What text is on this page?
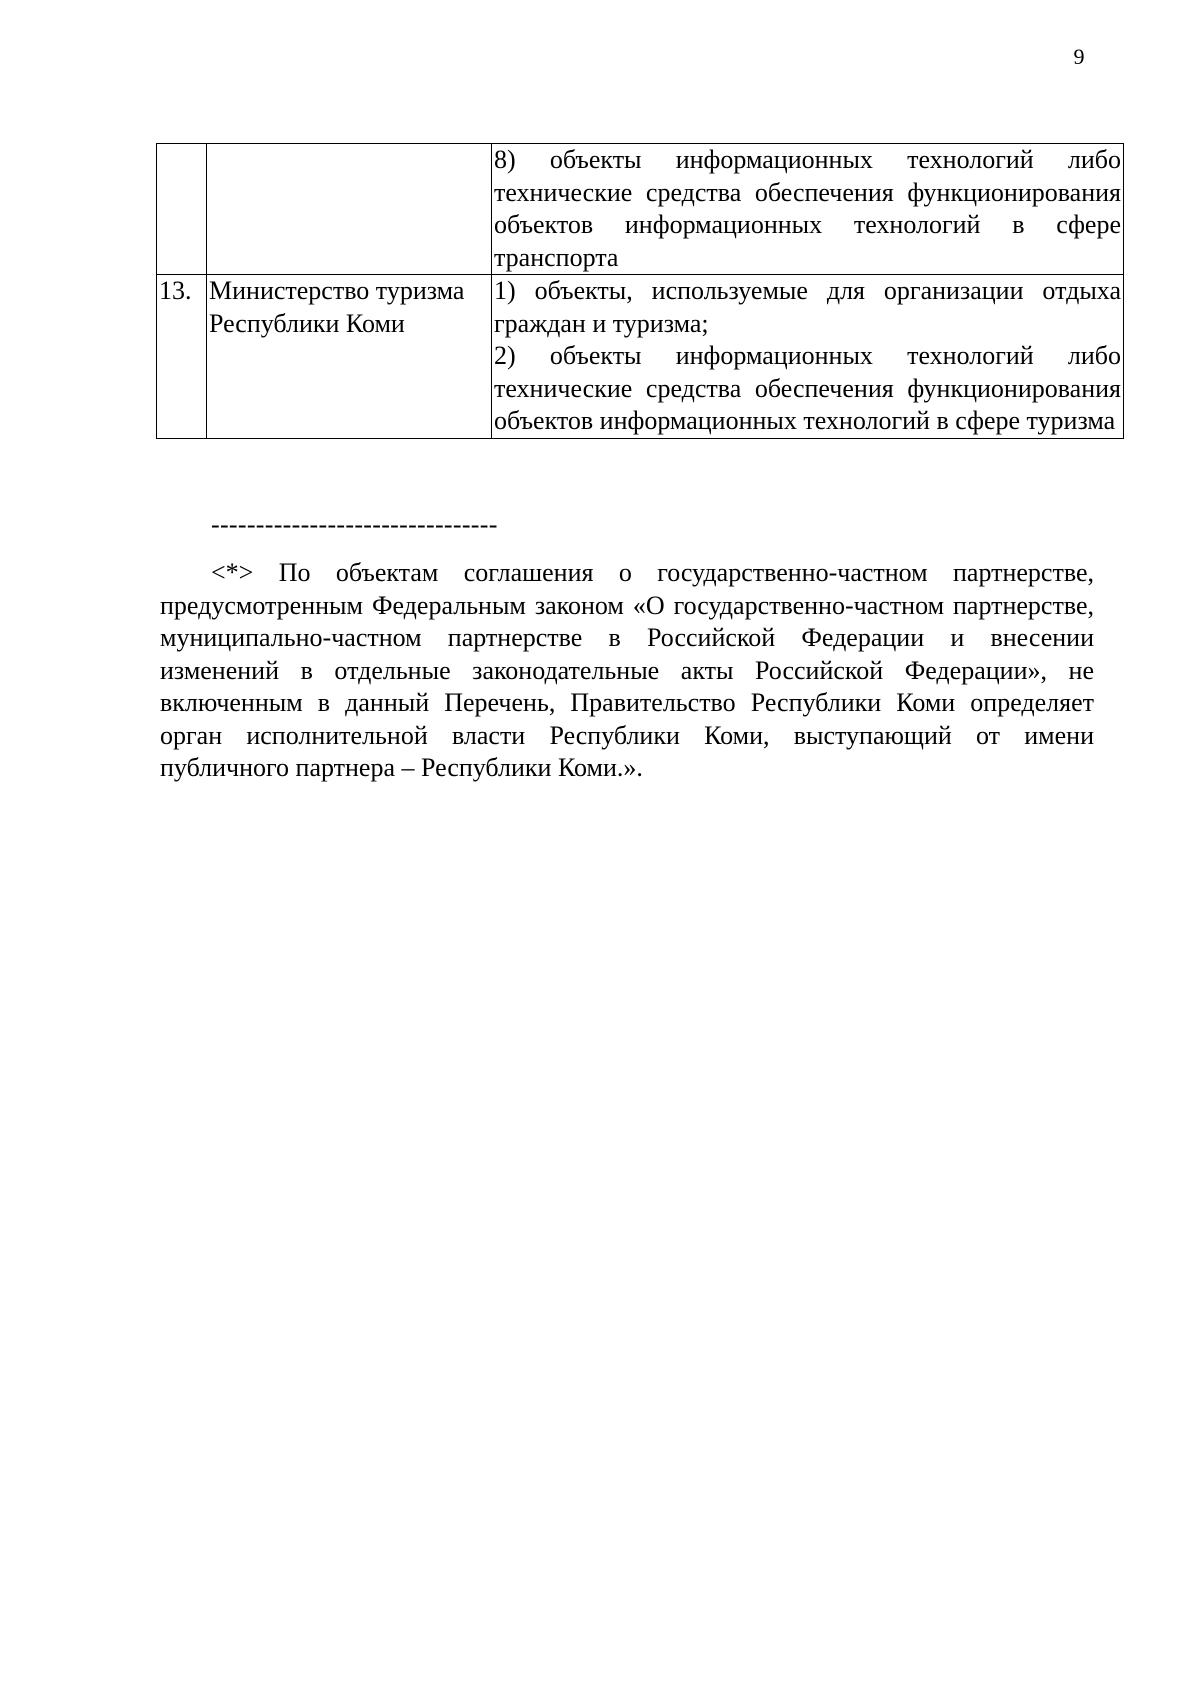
9

		8) объекты информационных технологий либо технические средства обеспечения функционирования объектов информационных технологий в сфере транспорта

13.	Министерство туризма Республики Коми	1) объекты, используемые для организации отдыха граждан и туризма;
2) объекты информационных технологий либо технические средства обеспечения функционирования объектов информационных технологий в сфере туризма
--------------------------------

<*> По объектам соглашения о государственно-частном партнерстве, предусмотренным Федеральным законом «О государственно-частном партнерстве, муниципально-частном партнерстве в Российской Федерации и внесении изменений в отдельные законодательные акты Российской Федерации», не включенным в данный Перечень, Правительство Республики Коми определяет орган исполнительной власти Республики Коми, выступающий от имени публичного партнера – Республики Коми.».
